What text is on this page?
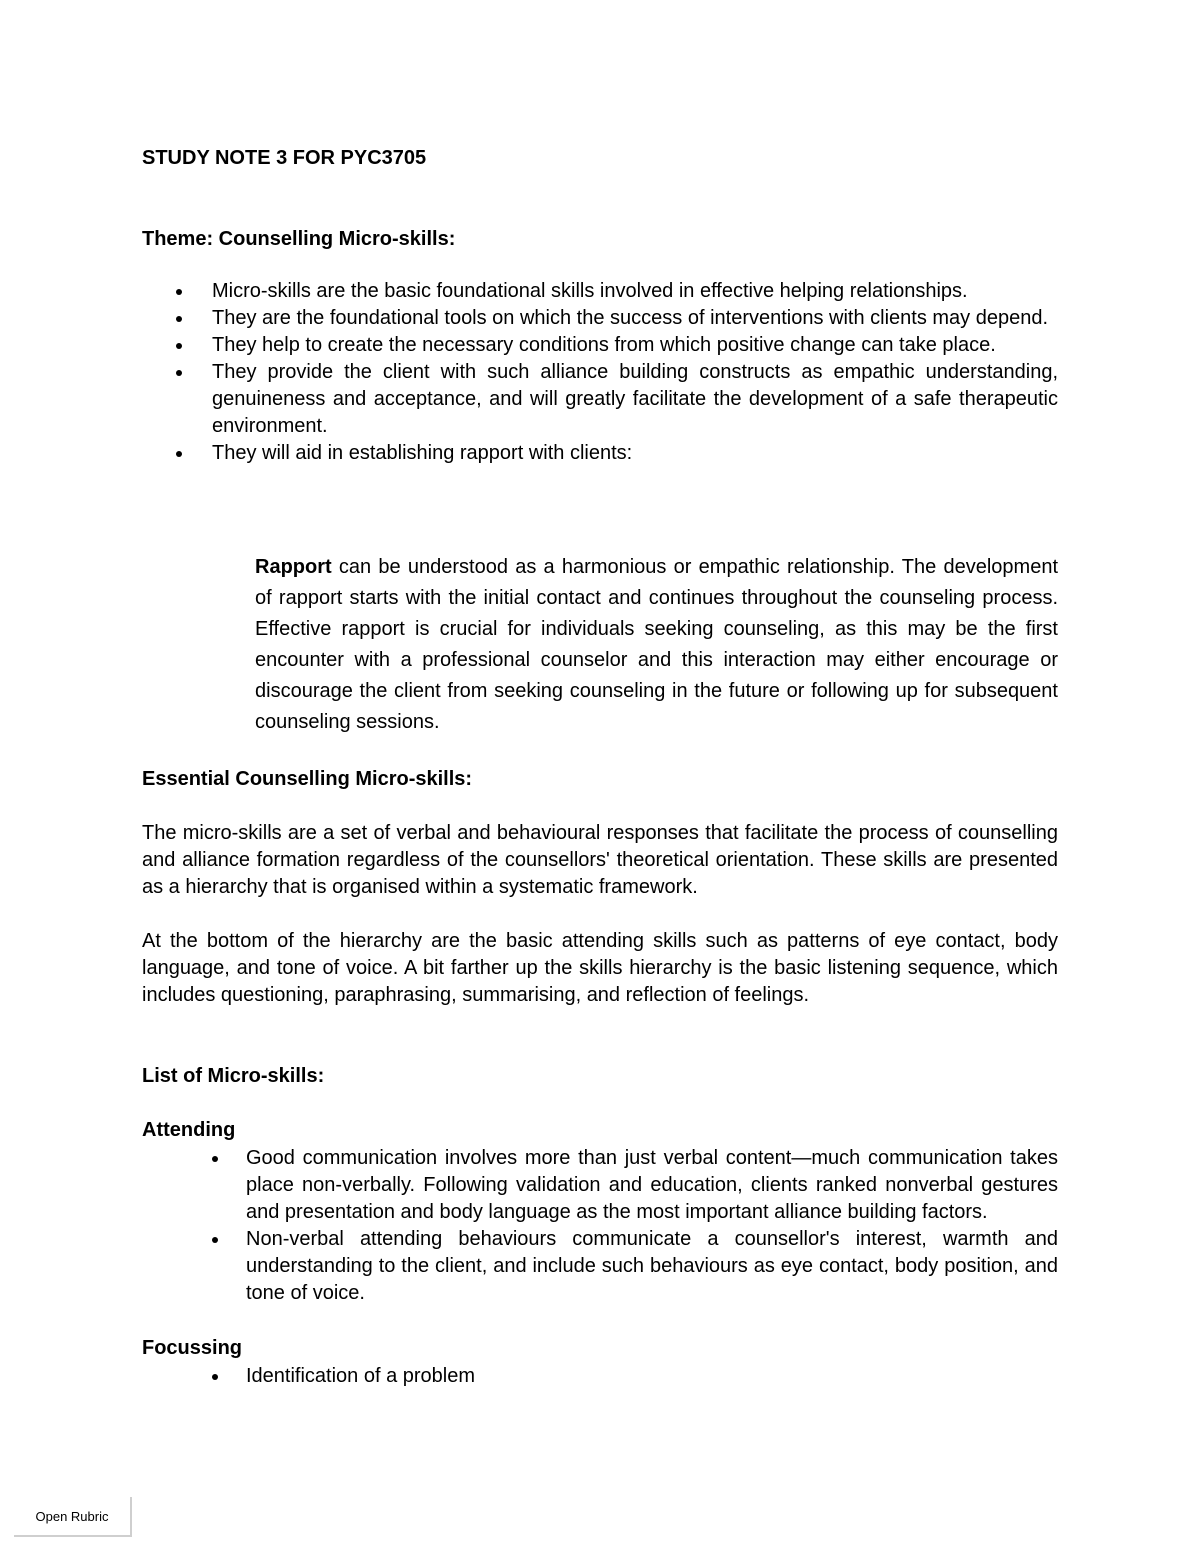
STUDY NOTE 3 FOR PYC3705
Theme: Counselling Micro-skills:
Micro-skills are the basic foundational skills involved in effective helping relationships.
They are the foundational tools on which the success of interventions with clients may depend.
They help to create the necessary conditions from which positive change can take place.
They provide the client with such alliance building constructs as empathic understanding, genuineness and acceptance, and will greatly facilitate the development of a safe therapeutic environment.
They will aid in establishing rapport with clients:

Rapport can be understood as a harmonious or empathic relationship. The development of rapport starts with the initial contact and continues throughout the counseling process. Effective rapport is crucial for individuals seeking counseling, as this may be the first encounter with a professional counselor and this interaction may either encourage or discourage the client from seeking counseling in the future or following up for subsequent counseling sessions.

Essential Counselling Micro-skills:

The micro-skills are a set of verbal and behavioural responses that facilitate the process of counselling and alliance formation regardless of the counsellors' theoretical orientation. These skills are presented as a hierarchy that is organised within a systematic framework.

At the bottom of the hierarchy are the basic attending skills such as patterns of eye contact, body language, and tone of voice. A bit farther up the skills hierarchy is the basic listening sequence, which includes questioning, paraphrasing, summarising, and reflection of feelings.

List of Micro-skills:
Attending
Good communication involves more than just verbal content—much communication takes place non-verbally. Following validation and education, clients ranked nonverbal gestures and presentation and body language as the most important alliance building factors.
Non-verbal attending behaviours communicate a counsellor's interest, warmth and understanding to the client, and include such behaviours as eye contact, body position, and tone of voice.
Focussing
Identification of a problem
Open Rubric
